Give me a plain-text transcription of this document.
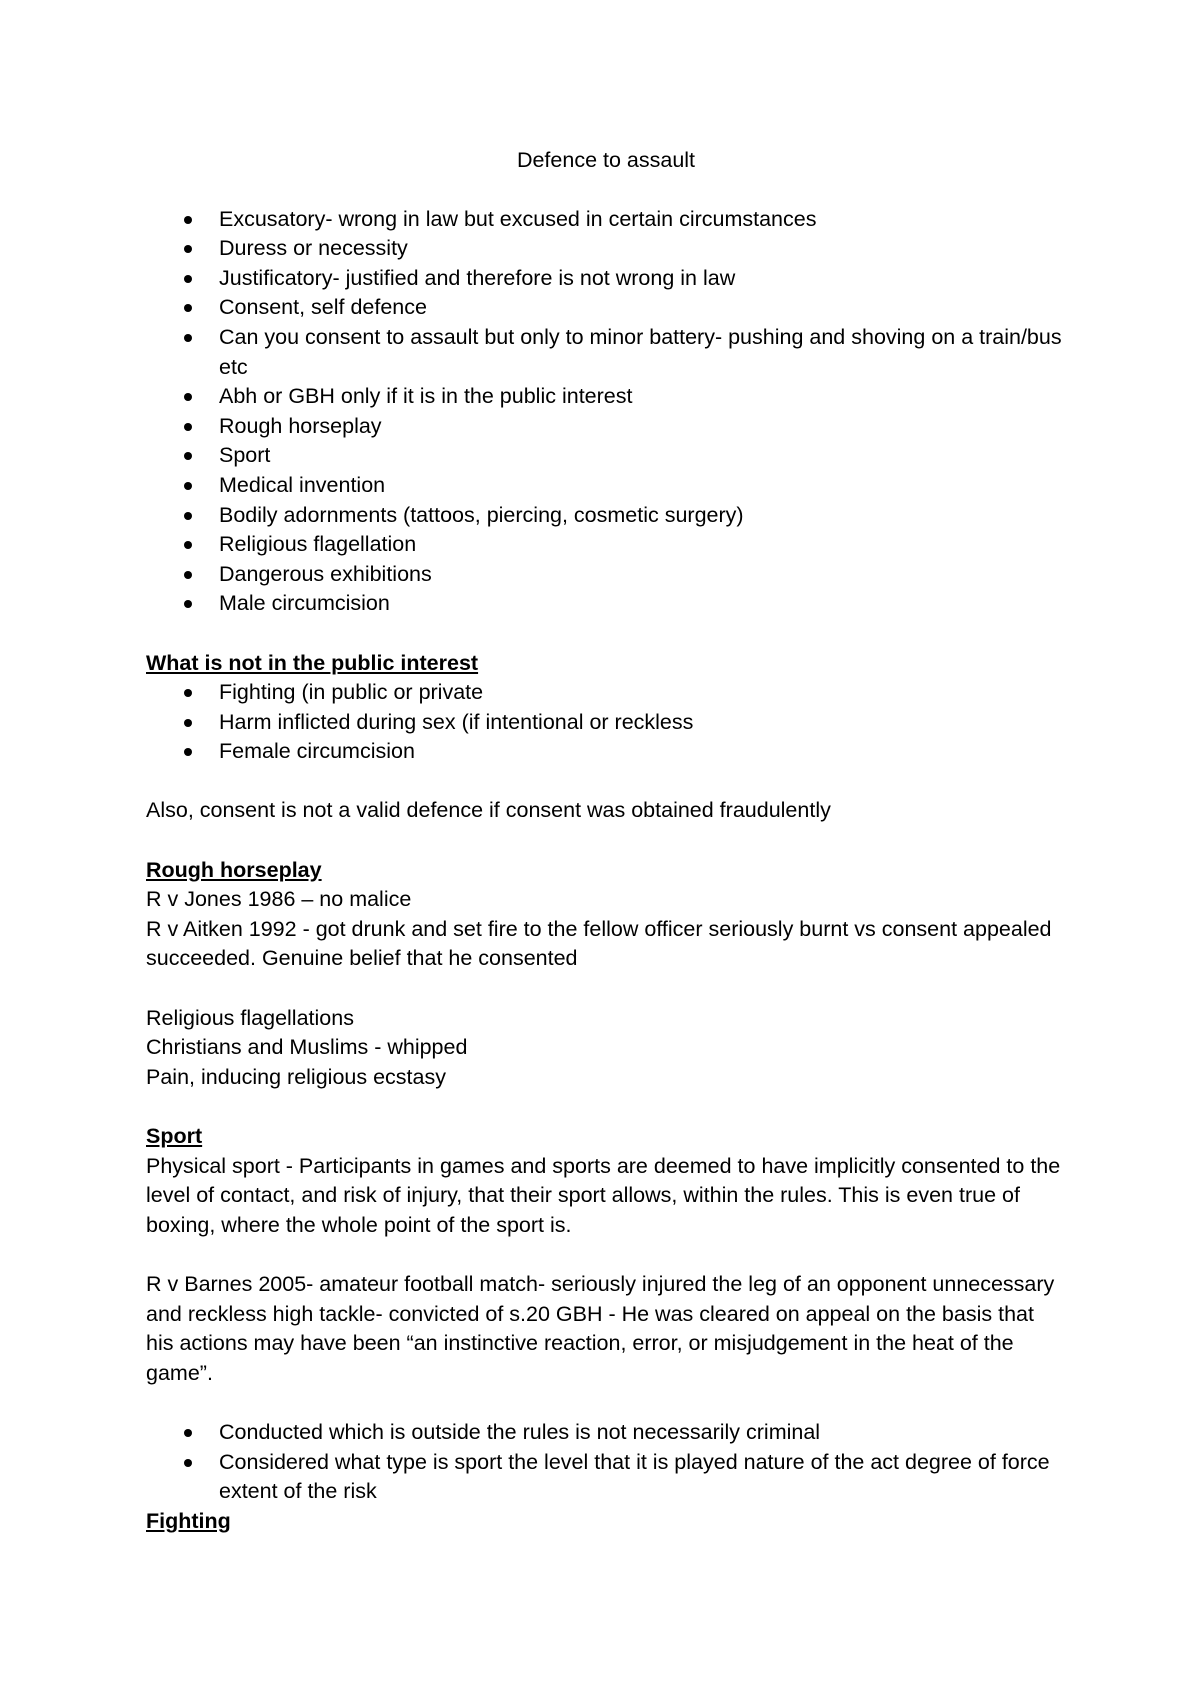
Defence to assault
Excusatory- wrong in law but excused in certain circumstances
Duress or necessity
Justificatory- justified and therefore is not wrong in law
Consent, self defence
Can you consent to assault but only to minor battery- pushing and shoving on a train/bus etc
Abh or GBH only if it is in the public interest
Rough horseplay
Sport
Medical invention
Bodily adornments (tattoos, piercing, cosmetic surgery)
Religious flagellation
Dangerous exhibitions
Male circumcision

What is not in the public interest

Fighting (in public or private
Harm inflicted during sex (if intentional or reckless
Female circumcision

Also, consent is not a valid defence if consent was obtained fraudulently

Rough horseplay

R v Jones 1986 – no malice

R v Aitken 1992 - got drunk and set fire to the fellow officer seriously burnt vs consent appealed succeeded. Genuine belief that he consented

Religious flagellations

Christians and Muslims - whipped

Pain, inducing religious ecstasy

Sport

Physical sport - Participants in games and sports are deemed to have implicitly consented to the level of contact, and risk of injury, that their sport allows, within the rules. This is even true of boxing, where the whole point of the sport is.

R v Barnes 2005- amateur football match- seriously injured the leg of an opponent unnecessary and reckless high tackle- convicted of s.20 GBH - He was cleared on appeal on the basis that his actions may have been “an instinctive reaction, error, or misjudgement in the heat of the game”.

Conducted which is outside the rules is not necessarily criminal
Considered what type is sport the level that it is played nature of the act degree of force extent of the risk

Fighting
